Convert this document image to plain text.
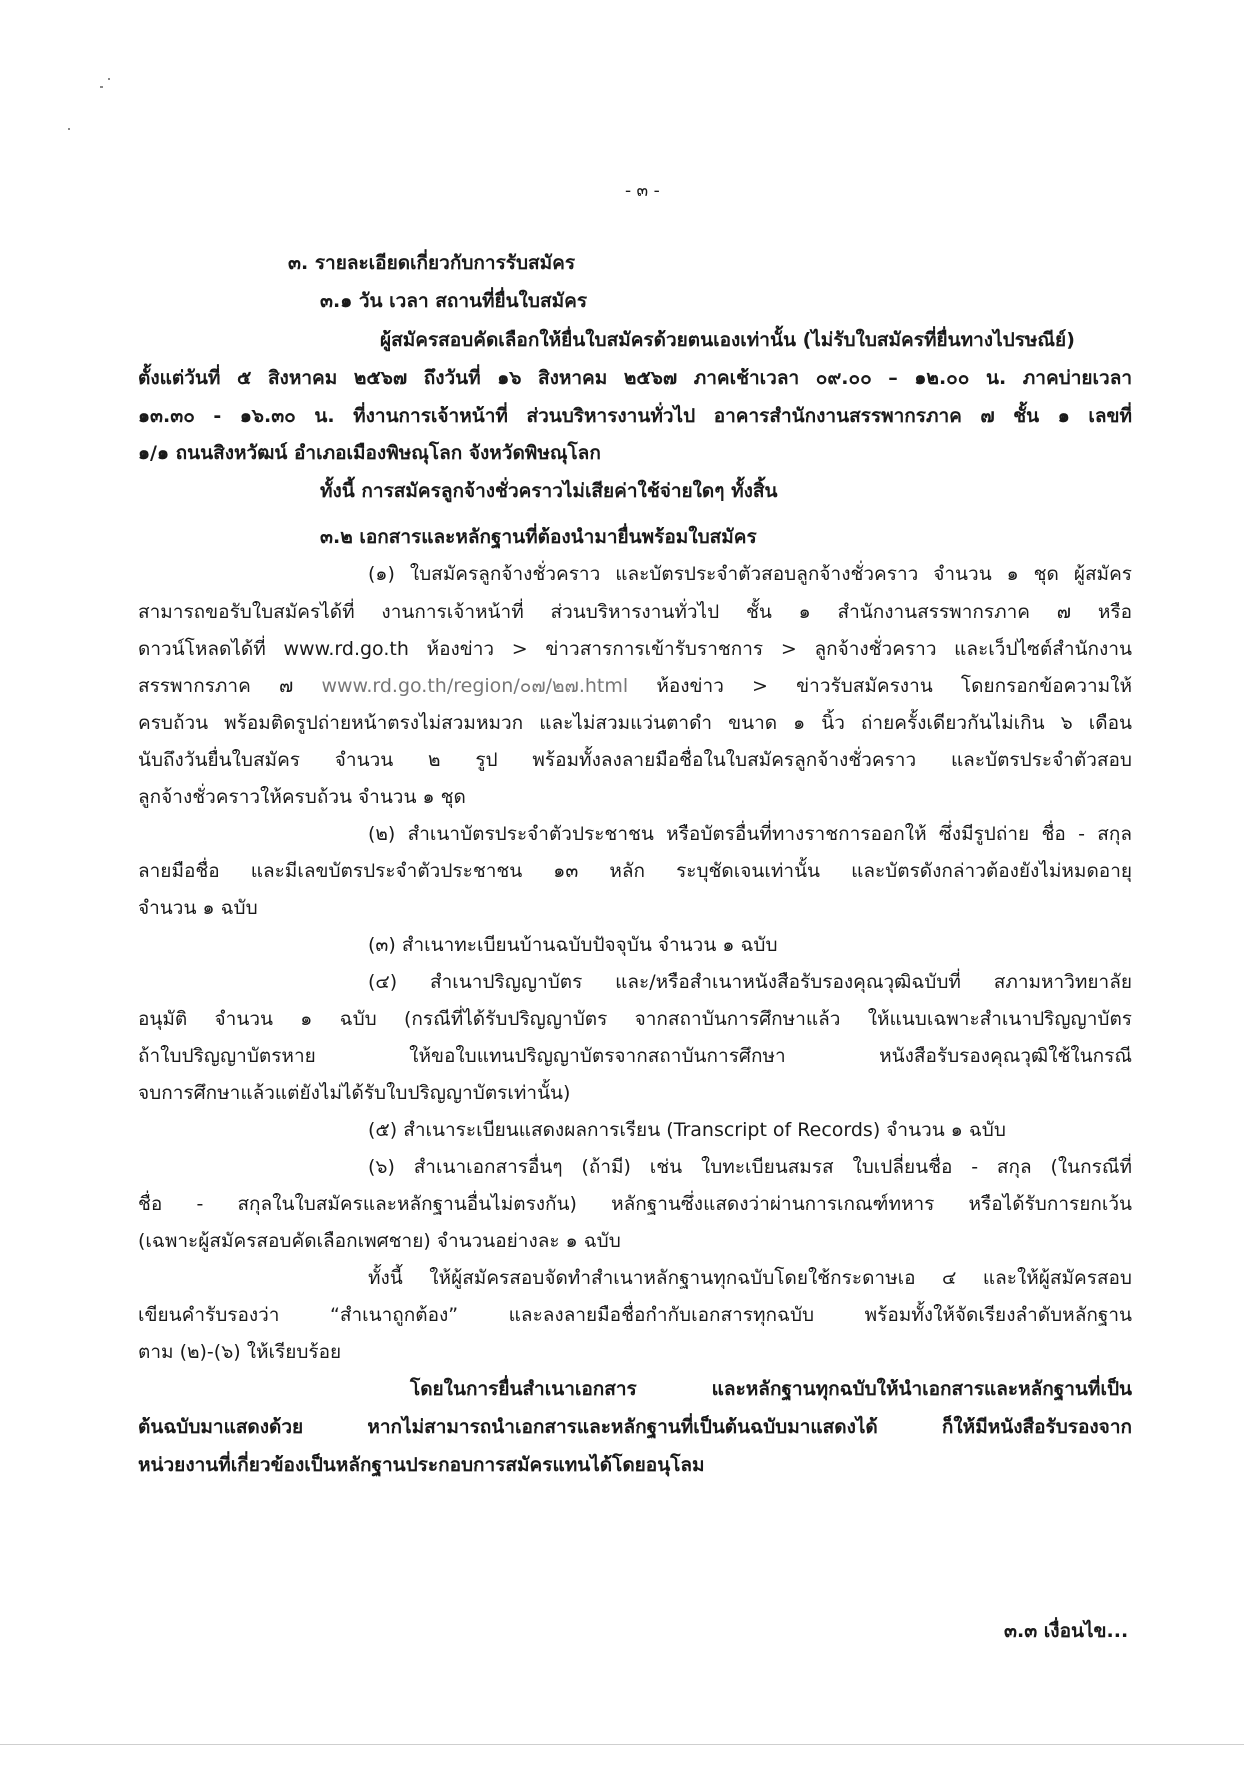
- ๓ -
๓. รายละเอียดเกี่ยวกับการรับสมัคร
๓.๑ วัน เวลา สถานที่ยื่นใบสมัคร
ผู้สมัครสอบคัดเลือกให้ยื่นใบสมัครด้วยตนเองเท่านั้น (ไม่รับใบสมัครที่ยื่นทางไปรษณีย์)
ตั้งแต่วันที่ ๕ สิงหาคม ๒๕๖๗ ถึงวันที่ ๑๖ สิงหาคม ๒๕๖๗ ภาคเช้าเวลา ๐๙.๐๐ – ๑๒.๐๐ น. ภาคบ่ายเวลา
๑๓.๓๐ - ๑๖.๓๐ น. ที่งานการเจ้าหน้าที่ ส่วนบริหารงานทั่วไป อาคารสำนักงานสรรพากรภาค ๗ ชั้น ๑ เลขที่
๑/๑ ถนนสิงหวัฒน์ อำเภอเมืองพิษณุโลก จังหวัดพิษณุโลก
ทั้งนี้ การสมัครลูกจ้างชั่วคราวไม่เสียค่าใช้จ่ายใดๆ ทั้งสิ้น
๓.๒ เอกสารและหลักฐานที่ต้องนำมายื่นพร้อมใบสมัคร
(๑) ใบสมัครลูกจ้างชั่วคราว และบัตรประจำตัวสอบลูกจ้างชั่วคราว จำนวน ๑ ชุด ผู้สมัคร
สามารถขอรับใบสมัครได้ที่ งานการเจ้าหน้าที่ ส่วนบริหารงานทั่วไป ชั้น ๑ สำนักงานสรรพากรภาค ๗ หรือ
ดาวน์โหลดได้ที่ www.rd.go.th ห้องข่าว > ข่าวสารการเข้ารับราชการ > ลูกจ้างชั่วคราว และเว็ปไซต์สำนักงาน
สรรพากรภาค ๗ www.rd.go.th/region/๐๗/๒๗.html ห้องข่าว > ข่าวรับสมัครงาน โดยกรอกข้อความให้
ครบถ้วน พร้อมติดรูปถ่ายหน้าตรงไม่สวมหมวก และไม่สวมแว่นตาดำ ขนาด ๑ นิ้ว ถ่ายครั้งเดียวกันไม่เกิน ๖ เดือน
นับถึงวันยื่นใบสมัคร จำนวน ๒ รูป พร้อมทั้งลงลายมือชื่อในใบสมัครลูกจ้างชั่วคราว และบัตรประจำตัวสอบ
ลูกจ้างชั่วคราวให้ครบถ้วน จำนวน ๑ ชุด
(๒) สำเนาบัตรประจำตัวประชาชน หรือบัตรอื่นที่ทางราชการออกให้ ซึ่งมีรูปถ่าย ชื่อ - สกุล
ลายมือชื่อ และมีเลขบัตรประจำตัวประชาชน ๑๓ หลัก ระบุชัดเจนเท่านั้น และบัตรดังกล่าวต้องยังไม่หมดอายุ
จำนวน ๑ ฉบับ
(๓) สำเนาทะเบียนบ้านฉบับปัจจุบัน จำนวน ๑ ฉบับ
(๔) สำเนาปริญญาบัตร และ/หรือสำเนาหนังสือรับรองคุณวุฒิฉบับที่ สภามหาวิทยาลัย
อนุมัติ จำนวน ๑ ฉบับ (กรณีที่ได้รับปริญญาบัตร จากสถาบันการศึกษาแล้ว ให้แนบเฉพาะสำเนาปริญญาบัตร
ถ้าใบปริญญาบัตรหาย ให้ขอใบแทนปริญญาบัตรจากสถาบันการศึกษา หนังสือรับรองคุณวุฒิใช้ในกรณี
จบการศึกษาแล้วแต่ยังไม่ได้รับใบปริญญาบัตรเท่านั้น)
(๕) สำเนาระเบียนแสดงผลการเรียน (Transcript of Records) จำนวน ๑ ฉบับ
(๖) สำเนาเอกสารอื่นๆ (ถ้ามี) เช่น ใบทะเบียนสมรส ใบเปลี่ยนชื่อ - สกุล (ในกรณีที่
ชื่อ - สกุลในใบสมัครและหลักฐานอื่นไม่ตรงกัน) หลักฐานซึ่งแสดงว่าผ่านการเกณฑ์ทหาร หรือได้รับการยกเว้น
(เฉพาะผู้สมัครสอบคัดเลือกเพศชาย) จำนวนอย่างละ ๑ ฉบับ
ทั้งนี้ ให้ผู้สมัครสอบจัดทำสำเนาหลักฐานทุกฉบับโดยใช้กระดาษเอ ๔ และให้ผู้สมัครสอบ
เขียนคำรับรองว่า “สำเนาถูกต้อง” และลงลายมือชื่อกำกับเอกสารทุกฉบับ พร้อมทั้งให้จัดเรียงลำดับหลักฐาน
ตาม (๒)-(๖) ให้เรียบร้อย
โดยในการยื่นสำเนาเอกสาร และหลักฐานทุกฉบับให้นำเอกสารและหลักฐานที่เป็น
ต้นฉบับมาแสดงด้วย หากไม่สามารถนำเอกสารและหลักฐานที่เป็นต้นฉบับมาแสดงได้ ก็ให้มีหนังสือรับรองจาก
หน่วยงานที่เกี่ยวข้องเป็นหลักฐานประกอบการสมัครแทนได้โดยอนุโลม
๓.๓ เงื่อนไข...
